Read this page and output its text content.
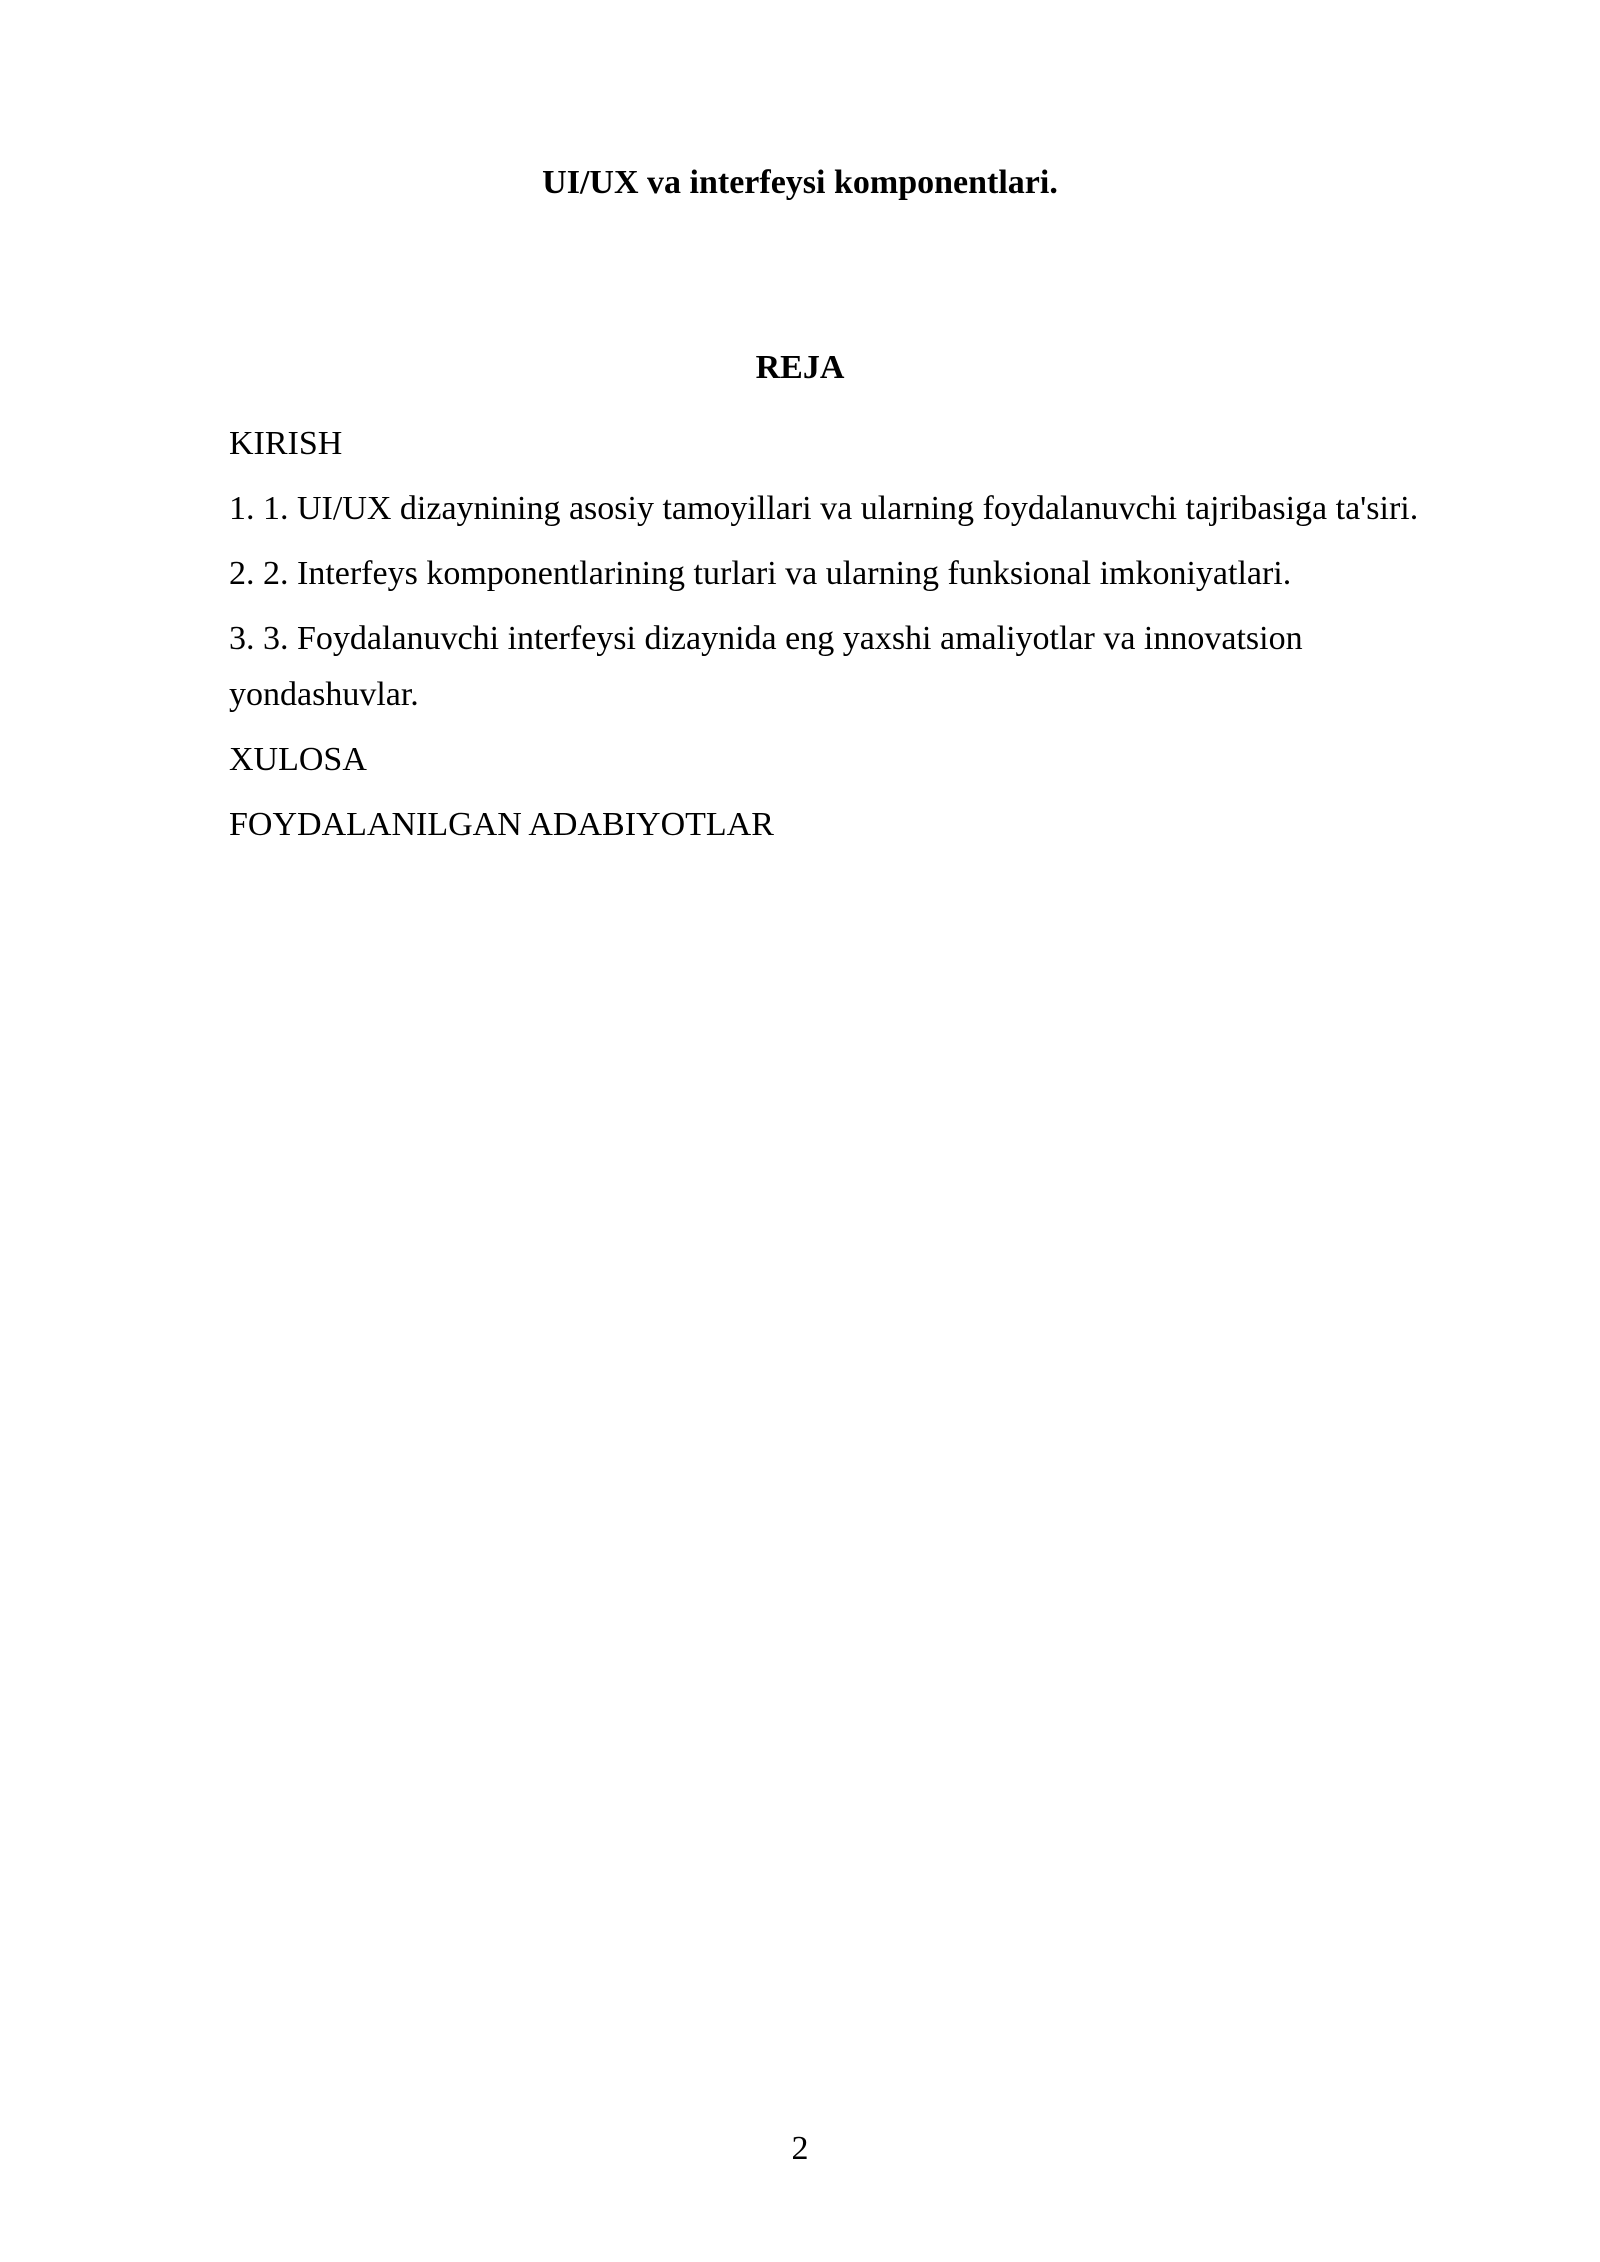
UI/UX va interfeysi komponentlari.
REJA
KIRISH
1. 1. UI/UX dizaynining asosiy tamoyillari va ularning foydalanuvchi tajribasiga ta'siri.
2. 2. Interfeys komponentlarining turlari va ularning funksional imkoniyatlari.
3. 3. Foydalanuvchi interfeysi dizaynida eng yaxshi amaliyotlar va innovatsion yondashuvlar.
XULOSA
FOYDALANILGAN ADABIYOTLAR
2
